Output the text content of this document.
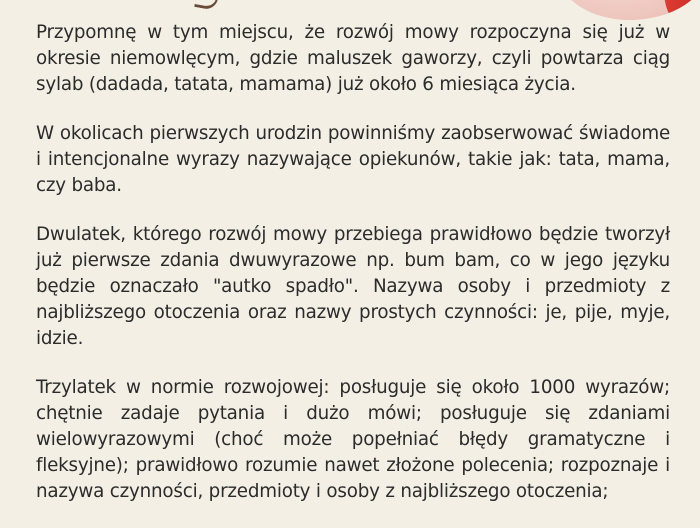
Przypomnę w tym miejscu, że rozwój mowy rozpoczyna się już w okresie niemowlęcym, gdzie maluszek gaworzy, czyli powtarza ciąg sylab (dadada, tatata, mamama) już około 6 miesiąca życia.

W okolicach pierwszych urodzin powinniśmy zaobserwować świadome i intencjonalne wyrazy nazywające opiekunów, takie jak: tata, mama, czy baba.

Dwulatek, którego rozwój mowy przebiega prawidłowo będzie tworzył już pierwsze zdania dwuwyrazowe np. bum bam, co w jego języku będzie oznaczało "autko spadło". Nazywa osoby i przedmioty z najbliższego otoczenia oraz nazwy prostych czynności: je, pije, myje, idzie.

Trzylatek w normie rozwojowej: posługuje się około 1000 wyrazów; chętnie zadaje pytania i dużo mówi; posługuje się zdaniami wielowyrazowymi (choć może popełniać błędy gramatyczne i fleksyjne); prawidłowo rozumie nawet złożone polecenia; rozpoznaje i nazywa czynności, przedmioty i osoby z najbliższego otoczenia;
